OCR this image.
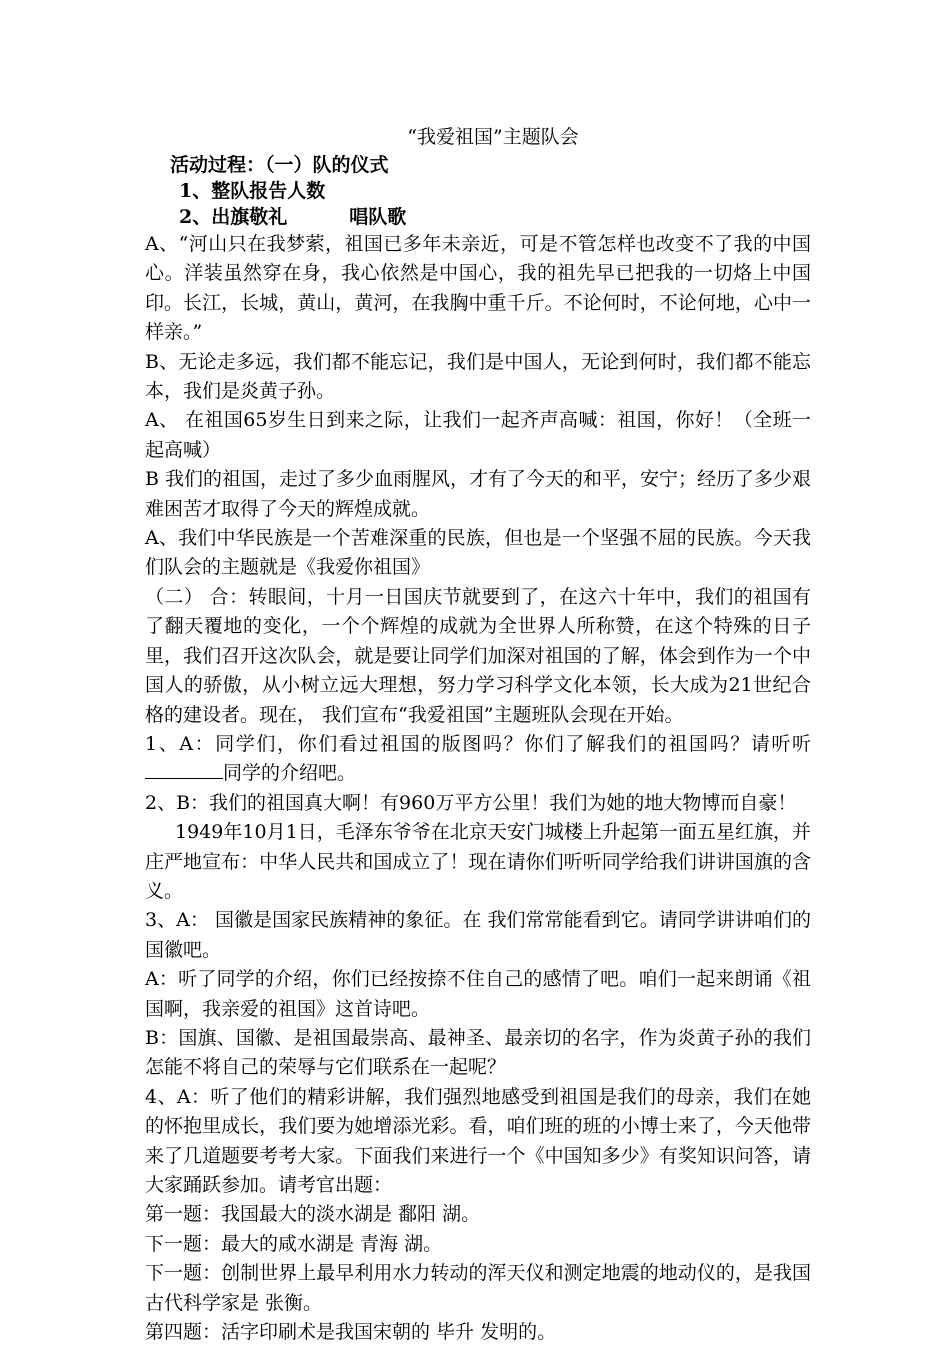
“我爱祖国”主题队会
活动过程：（一）队的仪式
1、整队报告人数
2、出旗敬礼	唱队歌

A、“河山只在我梦萦，祖国已多年未亲近，可是不管怎样也改变不了我的中国心。洋装虽然穿在身，我心依然是中国心，我的祖先早已把我的一切烙上中国印。长江，长城，黄山，黄河，在我胸中重千斤。不论何时，不论何地，心中一样亲。”

B、无论走多远，我们都不能忘记，我们是中国人，无论到何时，我们都不能忘本，我们是炎黄子孙。

A、 在祖国65岁生日到来之际，让我们一起齐声高喊：祖国，你好！（全班一起高喊）

B 我们的祖国，走过了多少血雨腥风，才有了今天的和平，安宁；经历了多少艰难困苦才取得了今天的辉煌成就。

A、我们中华民族是一个苦难深重的民族，但也是一个坚强不屈的民族。今天我们队会的主题就是《我爱你祖国》

（二） 合：转眼间，十月一日国庆节就要到了，在这六十年中，我们的祖国有了翻天覆地的变化，一个个辉煌的成就为全世界人所称赞，在这个特殊的日子里，我们召开这次队会，就是要让同学们加深对祖国的了解，体会到作为一个中国人的骄傲，从小树立远大理想，努力学习科学文化本领，长大成为21世纪合格的建设者。现在， 我们宣布“我爱祖国”主题班队会现在开始。

1、A：同学们，你们看过祖国的版图吗？你们了解我们的祖国吗？请听听同学的介绍吧。

2、B：我们的祖国真大啊！有960万平方公里！我们为她的地大物博而自豪！

1949年10月1日，毛泽东爷爷在北京天安门城楼上升起第一面五星红旗，并庄严地宣布：中华人民共和国成立了！现在请你们听听同学给我们讲讲国旗的含义。

3、A： 国徽是国家民族精神的象征。在 我们常常能看到它。请同学讲讲咱们的国徽吧。

A：听了同学的介绍，你们已经按捺不住自己的感情了吧。咱们一起来朗诵《祖国啊，我亲爱的祖国》这首诗吧。

B：国旗、国徽、是祖国最崇高、最神圣、最亲切的名字，作为炎黄子孙的我们怎能不将自己的荣辱与它们联系在一起呢？

4、A：听了他们的精彩讲解，我们强烈地感受到祖国是我们的母亲，我们在她的怀抱里成长，我们要为她增添光彩。看，咱们班的班的小博士来了，今天他带来了几道题要考考大家。下面我们来进行一个《中国知多少》有奖知识问答，请大家踊跃参加。请考官出题：

第一题：我国最大的淡水湖是 鄱阳 湖。

下一题：最大的咸水湖是 青海 湖。

下一题：创制世界上最早利用水力转动的浑天仪和测定地震的地动仪的，是我国古代科学家是 张衡。

第四题：活字印刷术是我国宋朝的 毕升 发明的。
